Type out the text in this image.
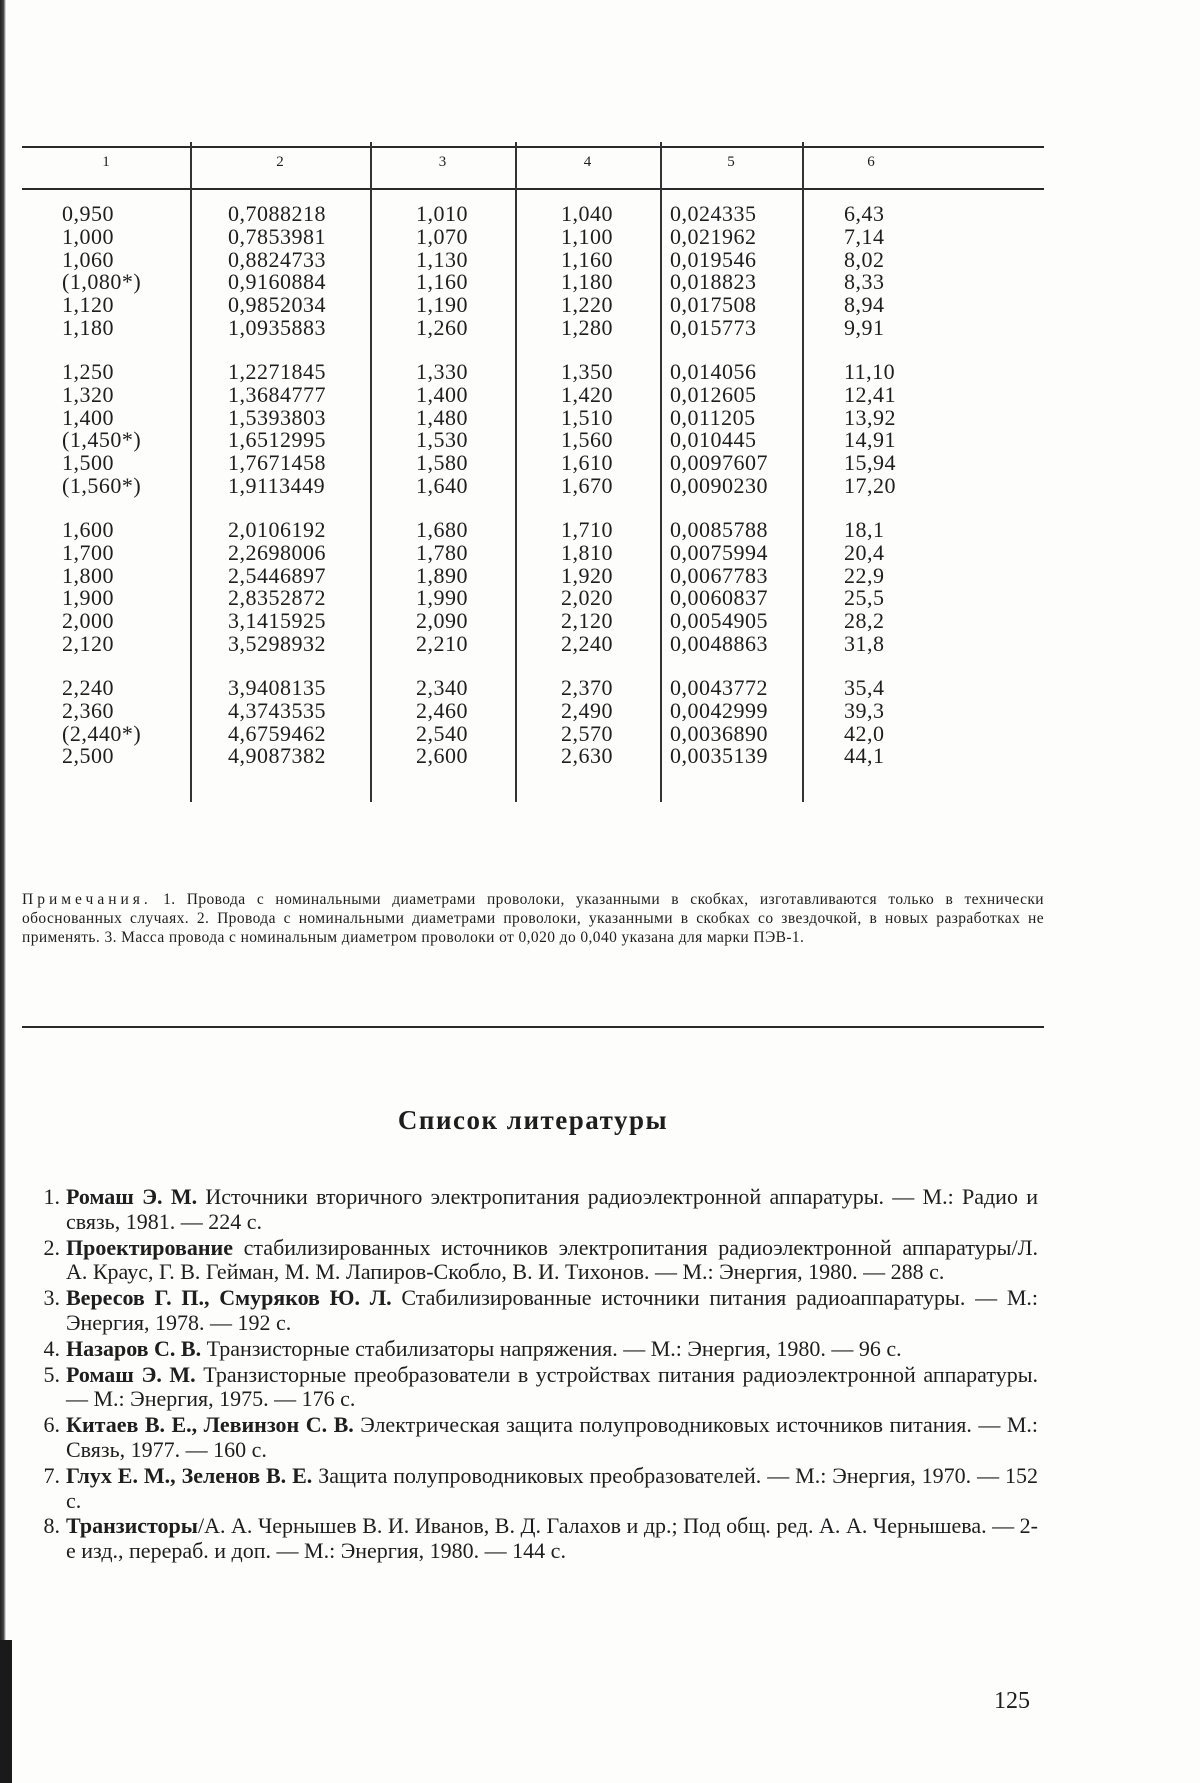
1	2	3	4	5	6
0,950	0,7088218	1,010	1,040	0,024335	6,43
1,000	0,7853981	1,070	1,100	0,021962	7,14
1,060	0,8824733	1,130	1,160	0,019546	8,02
(1,080*)	0,9160884	1,160	1,180	0,018823	8,33
1,120	0,9852034	1,190	1,220	0,017508	8,94
1,180	1,0935883	1,260	1,280	0,015773	9,91
1,250	1,2271845	1,330	1,350	0,014056	11,10
1,320	1,3684777	1,400	1,420	0,012605	12,41
1,400	1,5393803	1,480	1,510	0,011205	13,92
(1,450*)	1,6512995	1,530	1,560	0,010445	14,91
1,500	1,7671458	1,580	1,610	0,0097607	15,94
(1,560*)	1,9113449	1,640	1,670	0,0090230	17,20
1,600	2,0106192	1,680	1,710	0,0085788	18,1
1,700	2,2698006	1,780	1,810	0,0075994	20,4
1,800	2,5446897	1,890	1,920	0,0067783	22,9
1,900	2,8352872	1,990	2,020	0,0060837	25,5
2,000	3,1415925	2,090	2,120	0,0054905	28,2
2,120	3,5298932	2,210	2,240	0,0048863	31,8
2,240	3,9408135	2,340	2,370	0,0043772	35,4
2,360	4,3743535	2,460	2,490	0,0042999	39,3
(2,440*)	4,6759462	2,540	2,570	0,0036890	42,0
2,500	4,9087382	2,600	2,630	0,0035139	44,1
Примечания. 1. Провода с номинальными диаметрами проволоки, указанными в скобках, изготавливаются только в технически обоснованных случаях. 2. Провода с номинальными диаметрами проволоки, указанными в скобках со звездочкой, в новых разработках не применять. 3. Масса провода с номинальным диаметром проволоки от 0,020 до 0,040 указана для марки ПЭВ-1.
Список литературы
1. Ромаш Э. М. Источники вторичного электропитания радиоэлектронной аппаратуры. — М.: Радио и связь, 1981. — 224 с.
2. Проектирование стабилизированных источников электропитания радиоэлектронной аппаратуры/Л. А. Краус, Г. В. Гейман, М. М. Лапиров-Скобло, В. И. Тихонов. — М.: Энергия, 1980. — 288 с.
3. Вересов Г. П., Смуряков Ю. Л. Стабилизированные источники питания радиоаппаратуры. — М.: Энергия, 1978. — 192 с.
4. Назаров С. В. Транзисторные стабилизаторы напряжения. — М.: Энергия, 1980. — 96 с.
5. Ромаш Э. М. Транзисторные преобразователи в устройствах питания радиоэлектронной аппаратуры. — М.: Энергия, 1975. — 176 с.
6. Китаев В. Е., Левинзон С. В. Электрическая защита полупроводниковых источников питания. — М.: Связь, 1977. — 160 с.
7. Глух Е. М., Зеленов В. Е. Защита полупроводниковых преобразователей. — М.: Энергия, 1970. — 152 с.
8. Транзисторы/А. А. Чернышев В. И. Иванов, В. Д. Галахов и др.; Под общ. ред. А. А. Чернышева. — 2-е изд., перераб. и доп. — М.: Энергия, 1980. — 144 с.
125
